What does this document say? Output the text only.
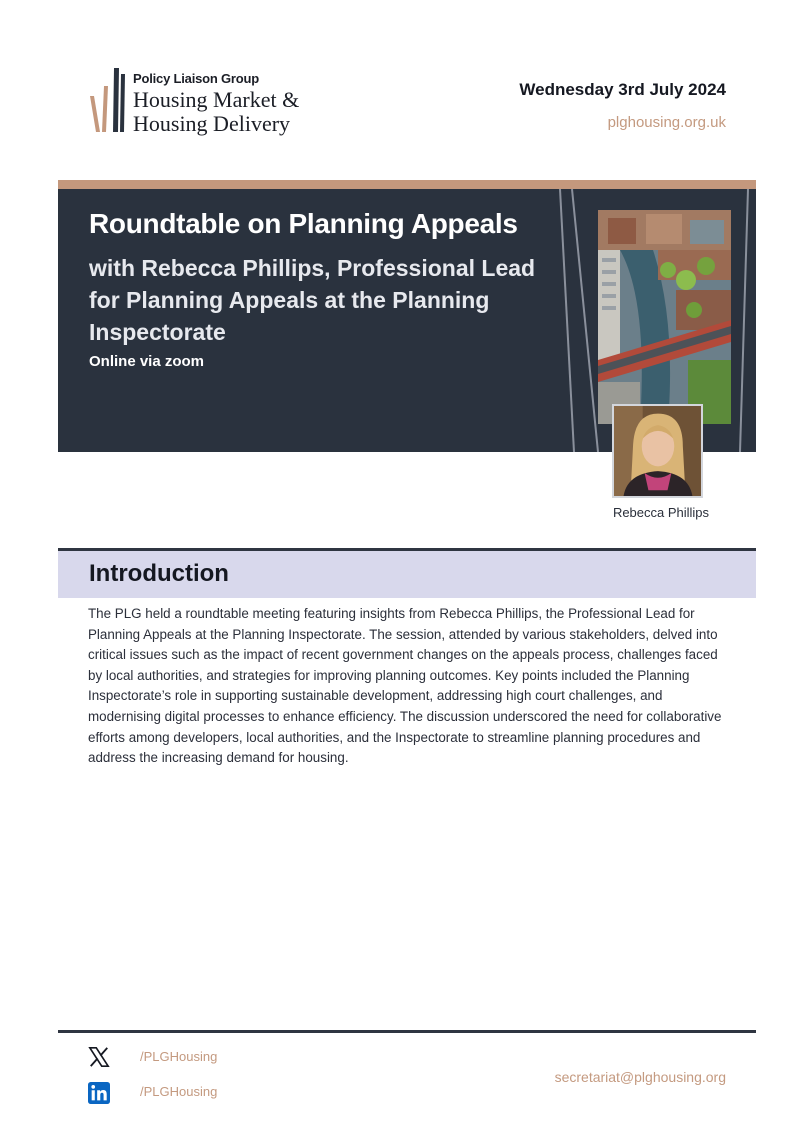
Policy Liaison Group
Housing Market &
Housing Delivery
Wednesday 3rd July 2024
plghousing.org.uk
Roundtable on Planning Appeals
with Rebecca Phillips, Professional Lead for Planning Appeals at the Planning Inspectorate
Online via zoom
Rebecca Phillips
Introduction
The PLG held a roundtable meeting featuring insights from Rebecca Phillips, the Professional Lead for Planning Appeals at the Planning Inspectorate. The session, attended by various stakeholders, delved into critical issues such as the impact of recent government changes on the appeals process, challenges faced by local authorities, and strategies for improving planning outcomes. Key points included the Planning Inspectorate’s role in supporting sustainable development, addressing high court challenges, and modernising digital processes to enhance efficiency. The discussion underscored the need for collaborative efforts among developers, local authorities, and the Inspectorate to streamline planning procedures and address the increasing demand for housing.
/PLGHousing
/PLGHousing
secretariat@plghousing.org
